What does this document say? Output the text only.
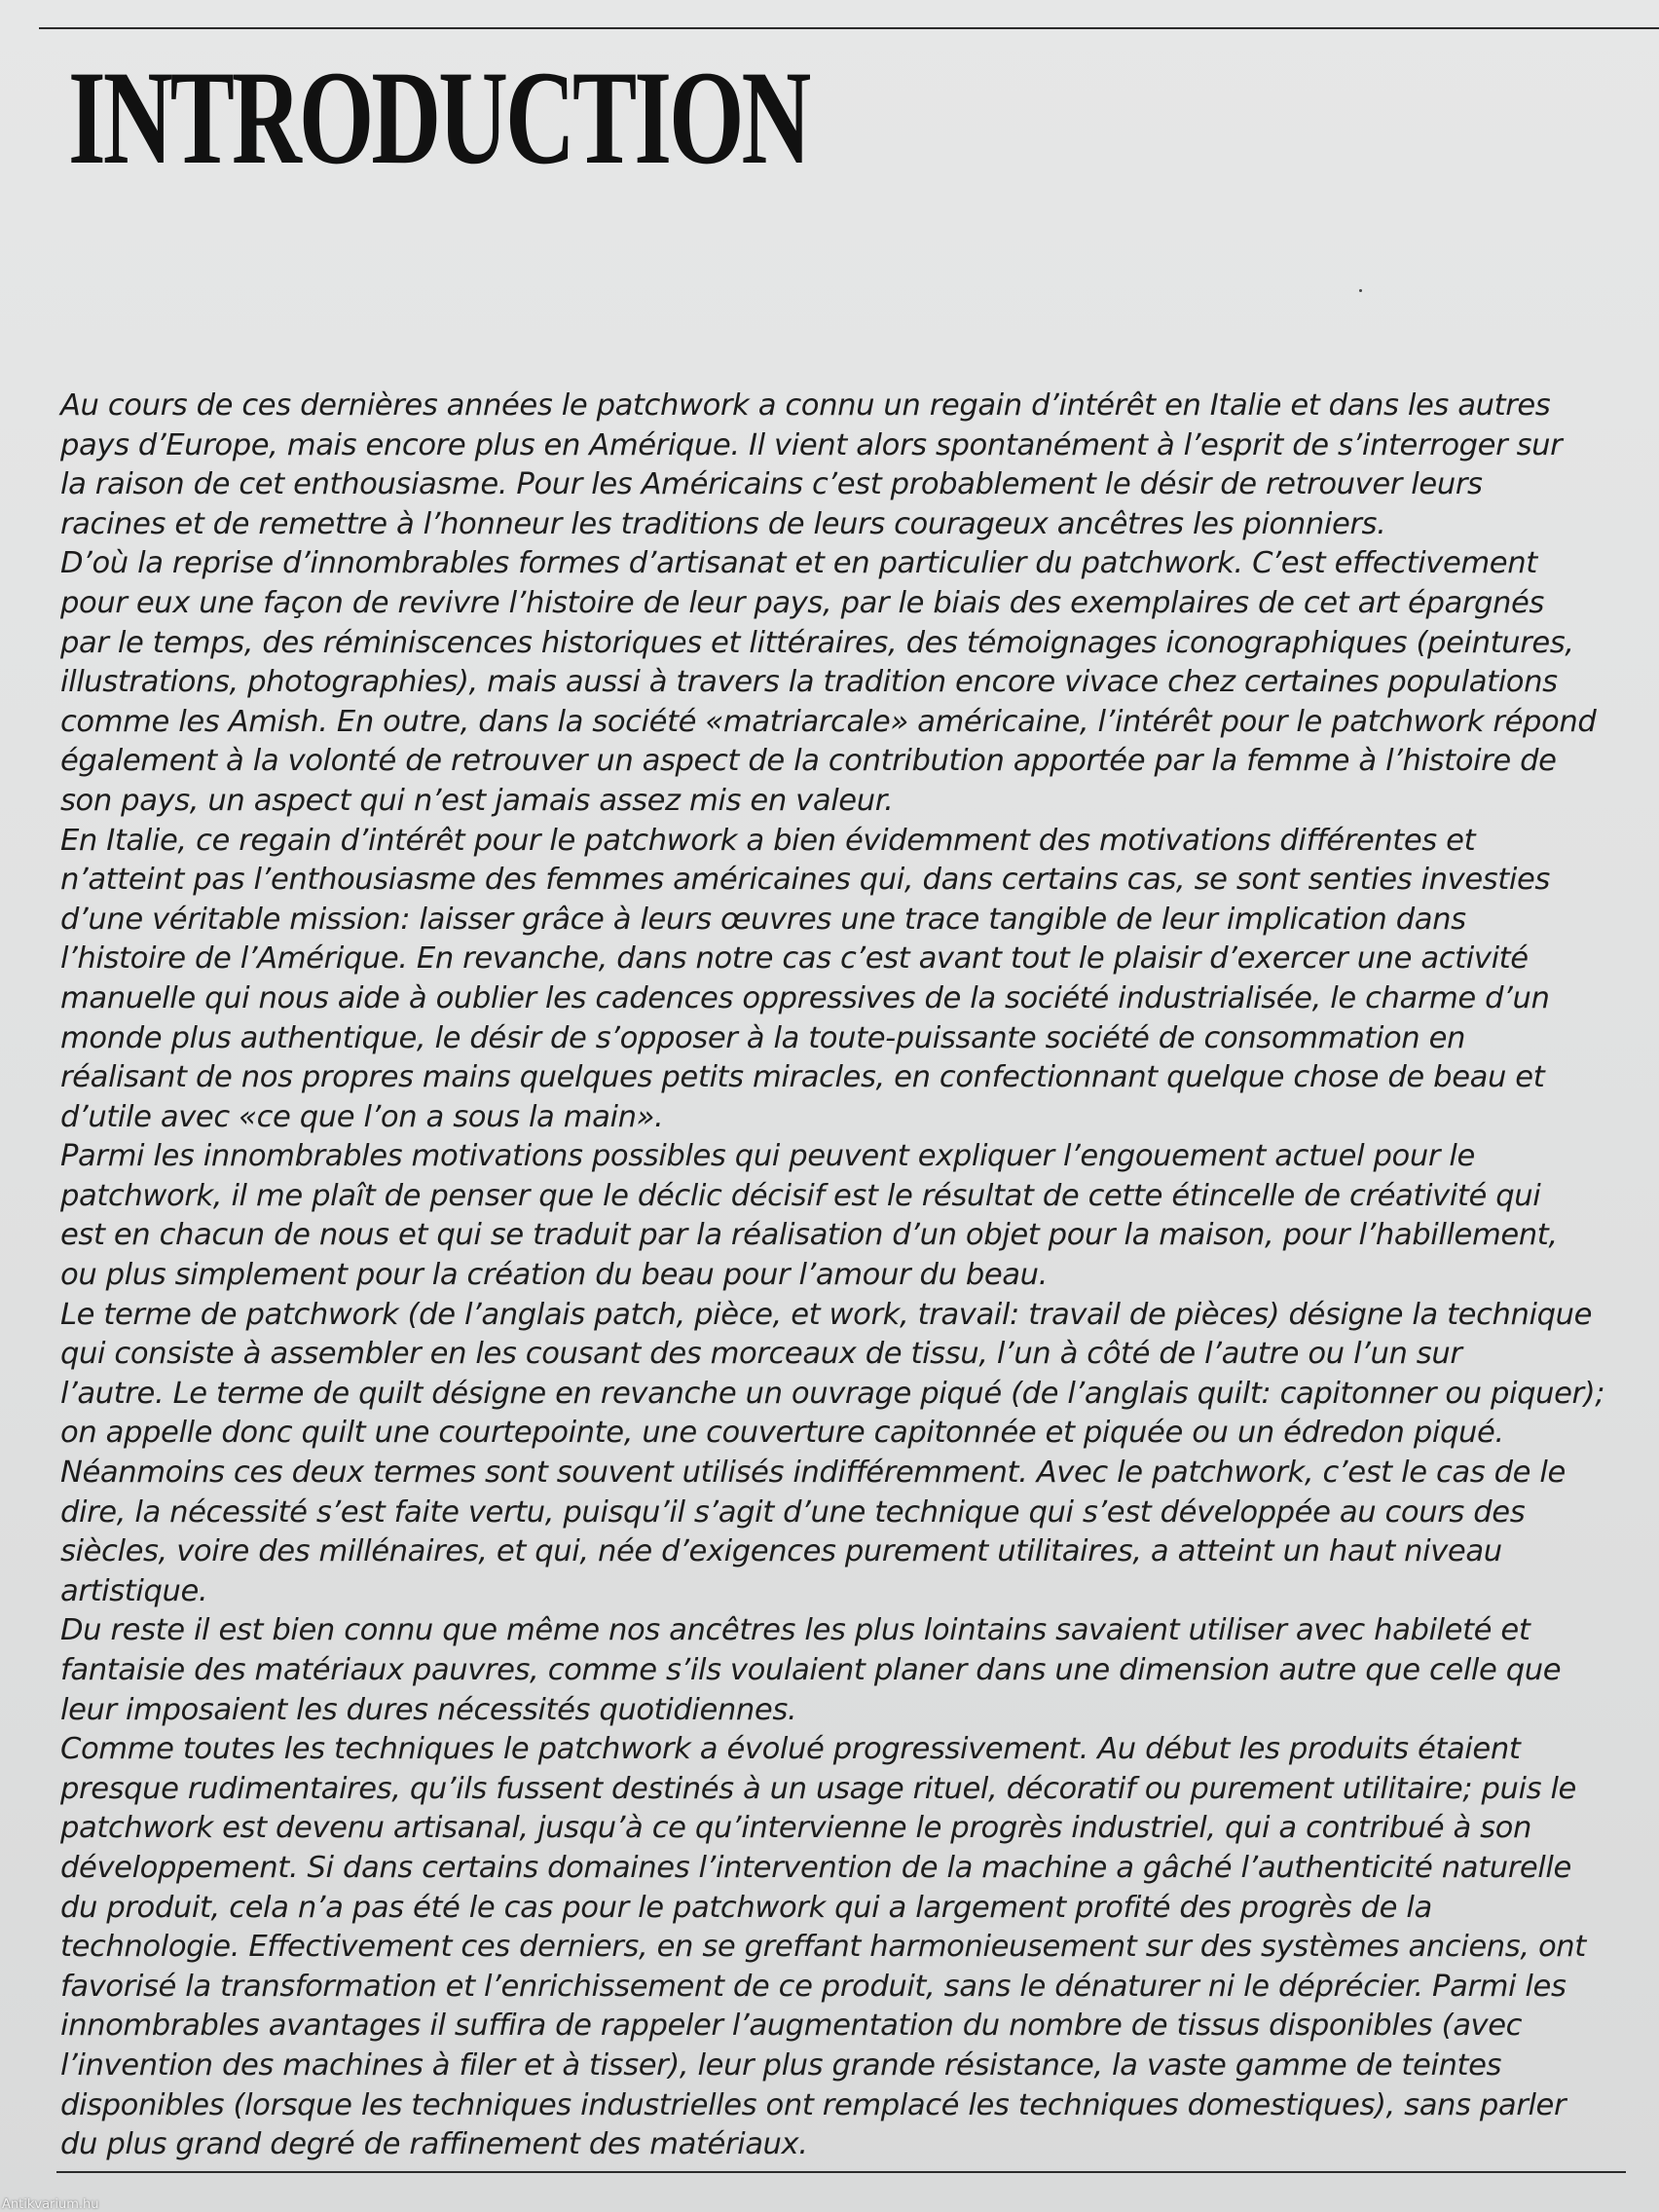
INTRODUCTION

Au cours de ces dernières années le patchwork a connu un regain d’intérêt en Italie et dans les autres
pays d’Europe, mais encore plus en Amérique. Il vient alors spontanément à l’esprit de s’interroger sur
la raison de cet enthousiasme. Pour les Américains c’est probablement le désir de retrouver leurs
racines et de remettre à l’honneur les traditions de leurs courageux ancêtres les pionniers.

D’où la reprise d’innombrables formes d’artisanat et en particulier du patchwork. C’est effectivement
pour eux une façon de revivre l’histoire de leur pays, par le biais des exemplaires de cet art épargnés
par le temps, des réminiscences historiques et littéraires, des témoignages iconographiques (peintures,
illustrations, photographies), mais aussi à travers la tradition encore vivace chez certaines populations
comme les Amish. En outre, dans la société «matriarcale» américaine, l’intérêt pour le patchwork répond
également à la volonté de retrouver un aspect de la contribution apportée par la femme à l’histoire de
son pays, un aspect qui n’est jamais assez mis en valeur.

En Italie, ce regain d’intérêt pour le patchwork a bien évidemment des motivations différentes et
n’atteint pas l’enthousiasme des femmes américaines qui, dans certains cas, se sont senties investies
d’une véritable mission: laisser grâce à leurs œuvres une trace tangible de leur implication dans
l’histoire de l’Amérique. En revanche, dans notre cas c’est avant tout le plaisir d’exercer une activité
manuelle qui nous aide à oublier les cadences oppressives de la société industrialisée, le charme d’un
monde plus authentique, le désir de s’opposer à la toute-puissante société de consommation en
réalisant de nos propres mains quelques petits miracles, en confectionnant quelque chose de beau et
d’utile avec «ce que l’on a sous la main».

Parmi les innombrables motivations possibles qui peuvent expliquer l’engouement actuel pour le
patchwork, il me plaît de penser que le déclic décisif est le résultat de cette étincelle de créativité qui
est en chacun de nous et qui se traduit par la réalisation d’un objet pour la maison, pour l’habillement,
ou plus simplement pour la création du beau pour l’amour du beau.

Le terme de patchwork (de l’anglais patch, pièce, et work, travail: travail de pièces) désigne la technique
qui consiste à assembler en les cousant des morceaux de tissu, l’un à côté de l’autre ou l’un sur
l’autre. Le terme de quilt désigne en revanche un ouvrage piqué (de l’anglais quilt: capitonner ou piquer);
on appelle donc quilt une courtepointe, une couverture capitonnée et piquée ou un édredon piqué.
Néanmoins ces deux termes sont souvent utilisés indifféremment. Avec le patchwork, c’est le cas de le
dire, la nécessité s’est faite vertu, puisqu’il s’agit d’une technique qui s’est développée au cours des
siècles, voire des millénaires, et qui, née d’exigences purement utilitaires, a atteint un haut niveau
artistique.

Du reste il est bien connu que même nos ancêtres les plus lointains savaient utiliser avec habileté et
fantaisie des matériaux pauvres, comme s’ils voulaient planer dans une dimension autre que celle que
leur imposaient les dures nécessités quotidiennes.

Comme toutes les techniques le patchwork a évolué progressivement. Au début les produits étaient
presque rudimentaires, qu’ils fussent destinés à un usage rituel, décoratif ou purement utilitaire; puis le
patchwork est devenu artisanal, jusqu’à ce qu’intervienne le progrès industriel, qui a contribué à son
développement. Si dans certains domaines l’intervention de la machine a gâché l’authenticité naturelle
du produit, cela n’a pas été le cas pour le patchwork qui a largement profité des progrès de la
technologie. Effectivement ces derniers, en se greffant harmonieusement sur des systèmes anciens, ont
favorisé la transformation et l’enrichissement de ce produit, sans le dénaturer ni le déprécier. Parmi les
innombrables avantages il suffira de rappeler l’augmentation du nombre de tissus disponibles (avec
l’invention des machines à filer et à tisser), leur plus grande résistance, la vaste gamme de teintes
disponibles (lorsque les techniques industrielles ont remplacé les techniques domestiques), sans parler
du plus grand degré de raffinement des matériaux.

Antikvarium.hu
